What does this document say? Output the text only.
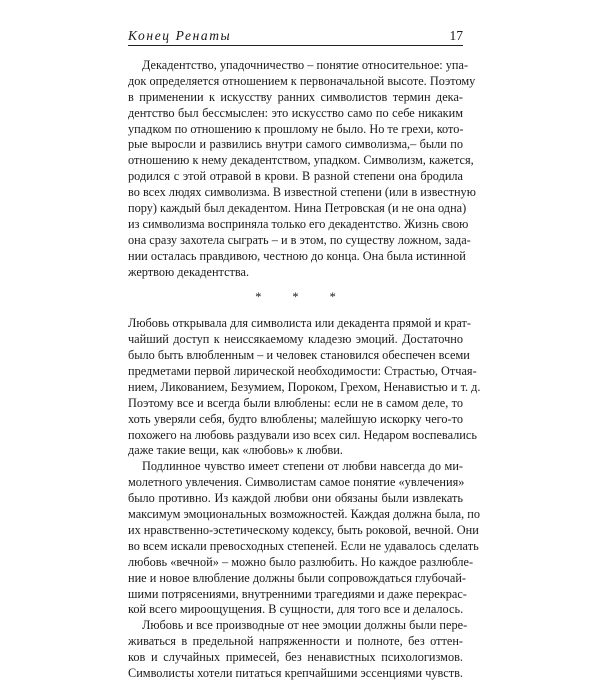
Конец Ренаты	17
Декадентство, упадочничество – понятие относительное: упа-
док определяется отношением к первоначальной высоте. Поэтому
в применении к искусству ранних символистов термин дека-
дентство был бессмыслен: это искусство само по себе никаким
упадком по отношению к прошлому не было. Но те грехи, кото-
рые выросли и развились внутри самого символизма,– были по
отношению к нему декадентством, упадком. Символизм, кажется,
родился с этой отравой в крови. В разной степени она бродила
во всех людях символизма. В известной степени (или в известную
пору) каждый был декадентом. Нина Петровская (и не она одна)
из символизма восприняла только его декадентство. Жизнь свою
она сразу захотела сыграть – и в этом, по существу ложном, зада-
нии осталась правдивою, честною до конца. Она была истинной
жертвою декадентства.
* * *
Любовь открывала для символиста или декадента прямой и крат-
чайший доступ к неиссякаемому кладезю эмоций. Достаточно
было быть влюбленным – и человек становился обеспечен всеми
предметами первой лирической необходимости: Страстью, Отчая-
нием, Ликованием, Безумием, Пороком, Грехом, Ненавистью и т. д.
Поэтому все и всегда были влюблены: если не в самом деле, то
хоть уверяли себя, будто влюблены; малейшую искорку чего-то
похожего на любовь раздували изо всех сил. Недаром воспевались
даже такие вещи, как «любовь» к любви.
Подлинное чувство имеет степени от любви навсегда до ми-
молетного увлечения. Символистам самое понятие «увлечения»
было противно. Из каждой любви они обязаны были извлекать
максимум эмоциональных возможностей. Каждая должна была, по
их нравственно-эстетическому кодексу, быть роковой, вечной. Они
во всем искали превосходных степеней. Если не удавалось сделать
любовь «вечной» – можно было разлюбить. Но каждое разлюбле-
ние и новое влюбление должны были сопровождаться глубочай-
шими потрясениями, внутренними трагедиями и даже перекрас-
кой всего мироощущения. В сущности, для того все и делалось.
Любовь и все производные от нее эмоции должны были пере-
живаться в предельной напряженности и полноте, без оттен-
ков и случайных примесей, без ненавистных психологизмов.
Символисты хотели питаться крепчайшими эссенциями чувств.
